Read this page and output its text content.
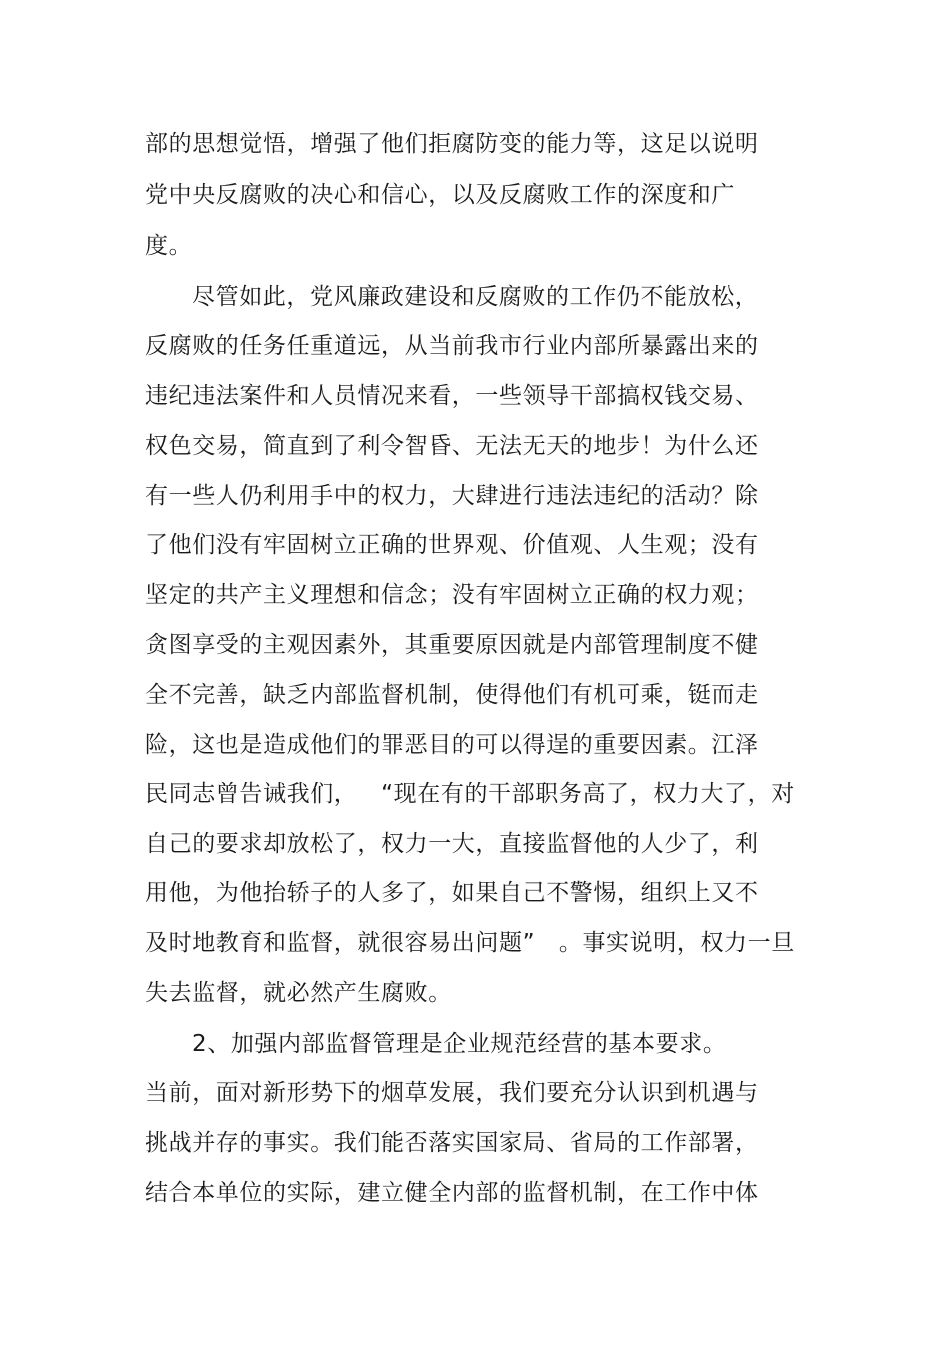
部的思想觉悟，增强了他们拒腐防变的能力等，这足以说明
党中央反腐败的决心和信心，以及反腐败工作的深度和广
度。
尽管如此，党风廉政建设和反腐败的工作仍不能放松，
反腐败的任务任重道远，从当前我市行业内部所暴露出来的
违纪违法案件和人员情况来看，一些领导干部搞权钱交易、
权色交易，简直到了利令智昏、无法无天的地步！为什么还
有一些人仍利用手中的权力，大肆进行违法违纪的活动？除
了他们没有牢固树立正确的世界观、价值观、人生观；没有
坚定的共产主义理想和信念；没有牢固树立正确的权力观；
贪图享受的主观因素外，其重要原因就是内部管理制度不健
全不完善，缺乏内部监督机制，使得他们有机可乘，铤而走
险，这也是造成他们的罪恶目的可以得逞的重要因素。江泽
民同志曾告诫我们，   “现在有的干部职务高了，权力大了，对
自己的要求却放松了，权力一大，直接监督他的人少了，利
用他，为他抬轿子的人多了，如果自己不警惕，组织上又不
及时地教育和监督，就很容易出问题”   。事实说明，权力一旦
失去监督，就必然产生腐败。
2、加强内部监督管理是企业规范经营的基本要求。
当前，面对新形势下的烟草发展，我们要充分认识到机遇与
挑战并存的事实。我们能否落实国家局、省局的工作部署，
结合本单位的实际，建立健全内部的监督机制，在工作中体
